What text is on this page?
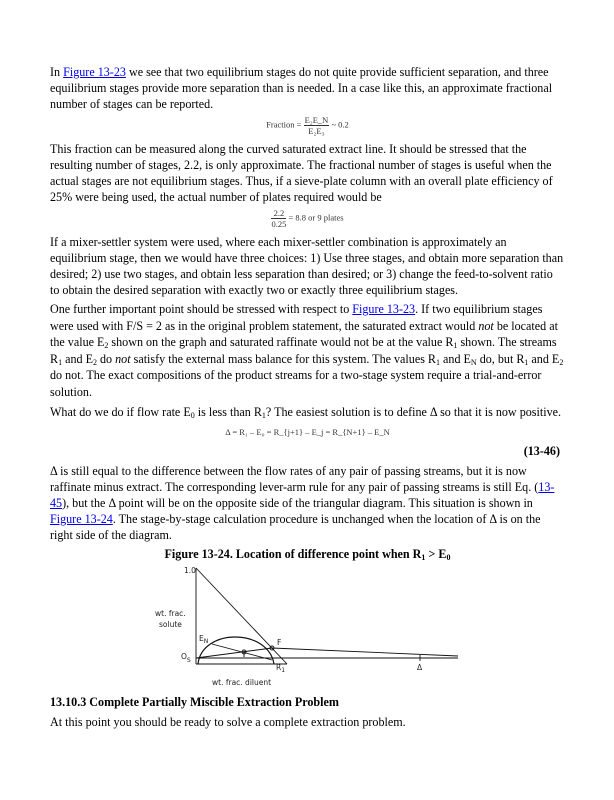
In Figure 13-23 we see that two equilibrium stages do not quite provide sufficient separation, and three equilibrium stages provide more separation than is needed. In a case like this, an approximate fractional number of stages can be reported.
Fraction = $\frac{\text{E₂E\_N}}{\text{E₂E₃}}$ ~ 0.2
This fraction can be measured along the curved saturated extract line. It should be stressed that the resulting number of stages, 2.2, is only approximate. The fractional number of stages is useful when the actual stages are not equilibrium stages. Thus, if a sieve-plate column with an overall plate efficiency of 25% were being used, the actual number of plates required would be
$\frac{2.2}{0.25} = 8.8$ or 9 plates
If a mixer-settler system were used, where each mixer-settler combination is approximately an equilibrium stage, then we would have three choices: 1) Use three stages, and obtain more separation than desired; 2) use two stages, and obtain less separation than desired; or 3) change the feed-to-solvent ratio to obtain the desired separation with exactly two or exactly three equilibrium stages.
One further important point should be stressed with respect to Figure 13-23. If two equilibrium stages were used with F/S = 2 as in the original problem statement, the saturated extract would not be located at the value $E_2$ shown on the graph and saturated raffinate would not be at the value $R_1$ shown. The streams $R_1$ and $E_2$ do not satisfy the external mass balance for this system. The values $R_1$ and $E_N$ do, but $R_1$ and $E_2$ do not. The exact compositions of the product streams for a two-stage system require a trial-and-error solution.
What do we do if flow rate $E_0$ is less than $R_1$? The easiest solution is to define Δ so that it is now positive.
Δ = R₁ – E₀ = R_{j+1} – E_j = R_{N+1} – E_N
(13-46)
Δ is still equal to the difference between the flow rates of any pair of passing streams, but it is now raffinate minus extract. The corresponding lever-arm rule for any pair of passing streams is still Eq. (13-45), but the Δ point will be on the opposite side of the triangular diagram. This situation is shown in Figure 13-24. The stage-by-stage calculation procedure is unchanged when the location of Δ is on the right side of the diagram.
Figure 13-24. Location of difference point when $R_1 > E_0$
1.0
wt. frac.
solute
$O_S$
$E_N$	F
$R_1$	Δ
wt. frac. diluent
13.10.3 Complete Partially Miscible Extraction Problem
At this point you should be ready to solve a complete extraction problem.
